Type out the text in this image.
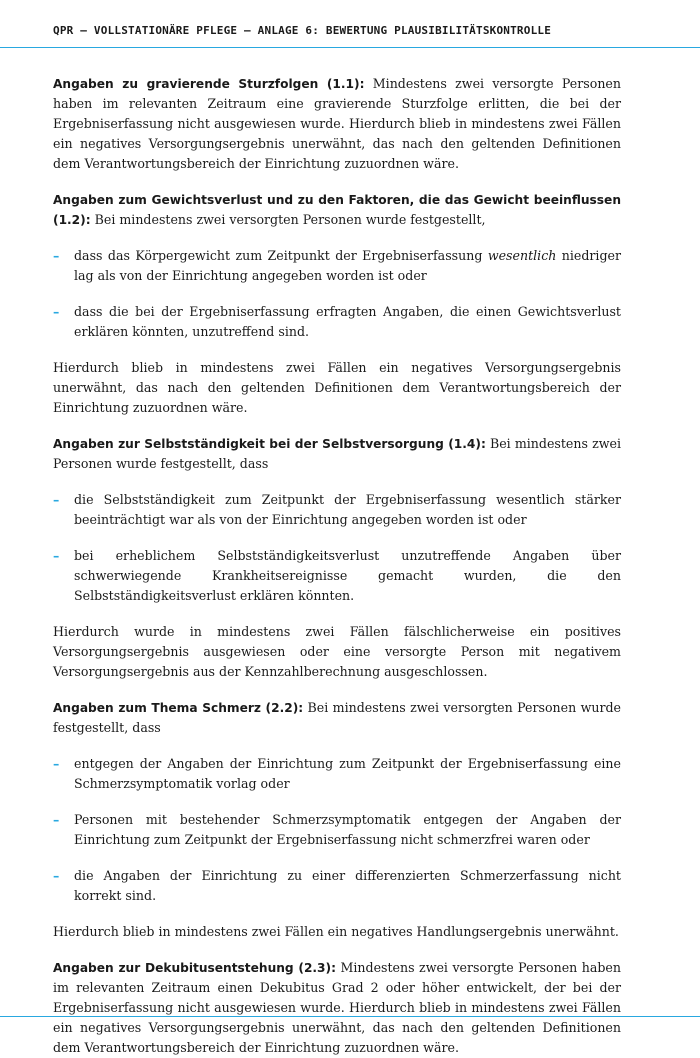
QPR – VOLLSTATIONÄRE PFLEGE – ANLAGE 6: BEWERTUNG PLAUSIBILITÄTSKONTROLLE

Angaben zu gravierende Sturzfolgen (1.1): Mindestens zwei versorgte Personen haben im relevanten Zeitraum eine gravierende Sturzfolge erlitten, die bei der Ergebniserfassung nicht ausgewiesen wurde. Hierdurch blieb in mindestens zwei Fällen ein negatives Versorgungsergebnis unerwähnt, das nach den geltenden Definitionen dem Verantwortungsbereich der Einrichtung zuzuordnen wäre.

Angaben zum Gewichtsverlust und zu den Faktoren, die das Gewicht beeinflussen (1.2): Bei mindestens zwei versorgten Personen wurde festgestellt,

– dass das Körpergewicht zum Zeitpunkt der Ergebniserfassung wesentlich niedriger lag als von der Einrichtung angegeben worden ist oder
– dass die bei der Ergebniserfassung erfragten Angaben, die einen Gewichtsverlust erklären könnten, unzutreffend sind.

Hierdurch blieb in mindestens zwei Fällen ein negatives Versorgungsergebnis unerwähnt, das nach den geltenden Definitionen dem Verantwortungsbereich der Einrichtung zuzuordnen wäre.

Angaben zur Selbstständigkeit bei der Selbstversorgung (1.4): Bei mindestens zwei Personen wurde festgestellt, dass

– die Selbstständigkeit zum Zeitpunkt der Ergebniserfassung wesentlich stärker beeinträchtigt war als von der Einrichtung angegeben worden ist oder
– bei erheblichem Selbstständigkeitsverlust unzutreffende Angaben über schwerwiegende Krankheitsereignisse gemacht wurden, die den Selbstständigkeitsverlust erklären könnten.

Hierdurch wurde in mindestens zwei Fällen fälschlicherweise ein positives Versorgungsergebnis ausgewiesen oder eine versorgte Person mit negativem Versorgungsergebnis aus der Kennzahlberechnung ausgeschlossen.

Angaben zum Thema Schmerz (2.2): Bei mindestens zwei versorgten Personen wurde festgestellt, dass

– entgegen der Angaben der Einrichtung zum Zeitpunkt der Ergebniserfassung eine Schmerzsymptomatik vorlag oder
– Personen mit bestehender Schmerzsymptomatik entgegen der Angaben der Einrichtung zum Zeitpunkt der Ergebniserfassung nicht schmerzfrei waren oder
– die Angaben der Einrichtung zu einer differenzierten Schmerzerfassung nicht korrekt sind.

Hierdurch blieb in mindestens zwei Fällen ein negatives Handlungsergebnis unerwähnt.

Angaben zur Dekubitusentstehung (2.3): Mindestens zwei versorgte Personen haben im relevanten Zeitraum einen Dekubitus Grad 2 oder höher entwickelt, der bei der Ergebniserfassung nicht ausgewiesen wurde. Hierdurch blieb in mindestens zwei Fällen ein negatives Versorgungsergebnis unerwähnt, das nach den geltenden Definitionen dem Verantwortungsbereich der Einrichtung zuzuordnen wäre.
